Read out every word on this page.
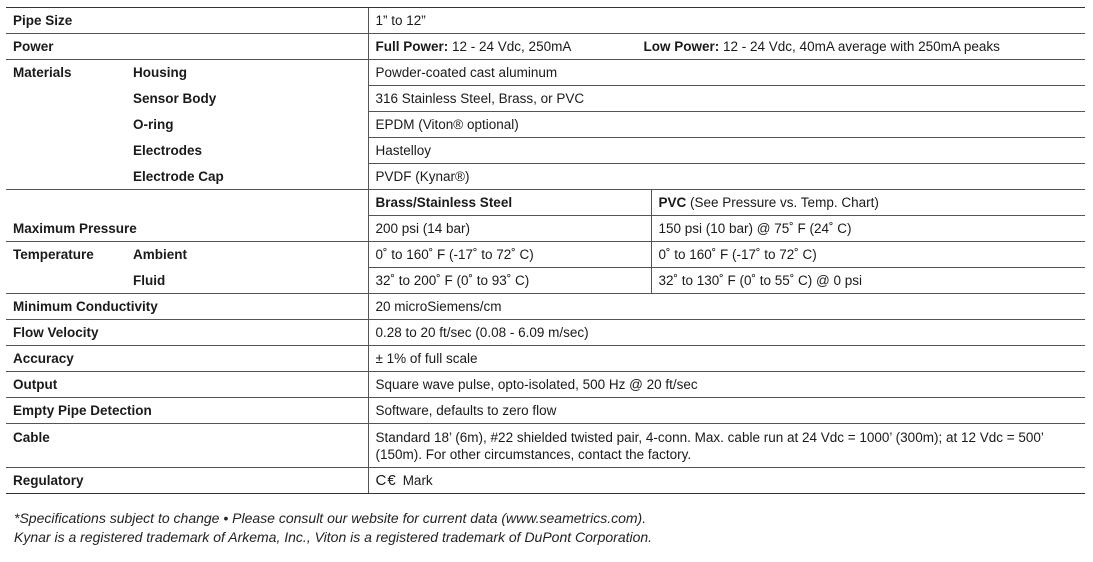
Pipe Size		1” to 12”	
Power		Full Power: 12 - 24 Vdc, 250mA Low Power: 12 - 24 Vdc, 40mA average with 250mA peaks	

Materials	Housing	Powder-coated cast aluminum	
	Sensor Body	316 Stainless Steel, Brass, or PVC	
	O-ring	EPDM (Viton® optional)	
	Electrodes	Hastelloy	
	Electrode Cap	PVDF (Kynar®)	
		Brass/Stainless Steel	PVC (See Pressure vs. Temp. Chart)
Maximum Pressure		200 psi (14 bar)	150 psi (10 bar) @ 75˚ F (24˚ C)
Temperature	Ambient	0˚ to 160˚ F (-17˚ to 72˚ C)	0˚ to 160˚ F (-17˚ to 72˚ C)
	Fluid	32˚ to 200˚ F (0˚ to 93˚ C)	32˚ to 130˚ F (0˚ to 55˚ C) @ 0 psi
Minimum Conductivity		20 microSiemens/cm	
Flow Velocity		0.28 to 20 ft/sec (0.08 - 6.09 m/sec)	
Accuracy		± 1% of full scale	
Output		Square wave pulse, opto-isolated, 500 Hz @ 20 ft/sec	
Empty Pipe Detection		Software, defaults to zero flow	
Cable		Standard 18’ (6m), #22 shielded twisted pair, 4-conn. Max. cable run at 24 Vdc = 1000’ (300m); at 12 Vdc = 500’ (150m). For other circumstances, contact the factory.	
Regulatory		C€ Mark	
*Specifications subject to change • Please consult our website for current data (www.seametrics.com).
Kynar is a registered trademark of Arkema, Inc., Viton is a registered trademark of DuPont Corporation.
